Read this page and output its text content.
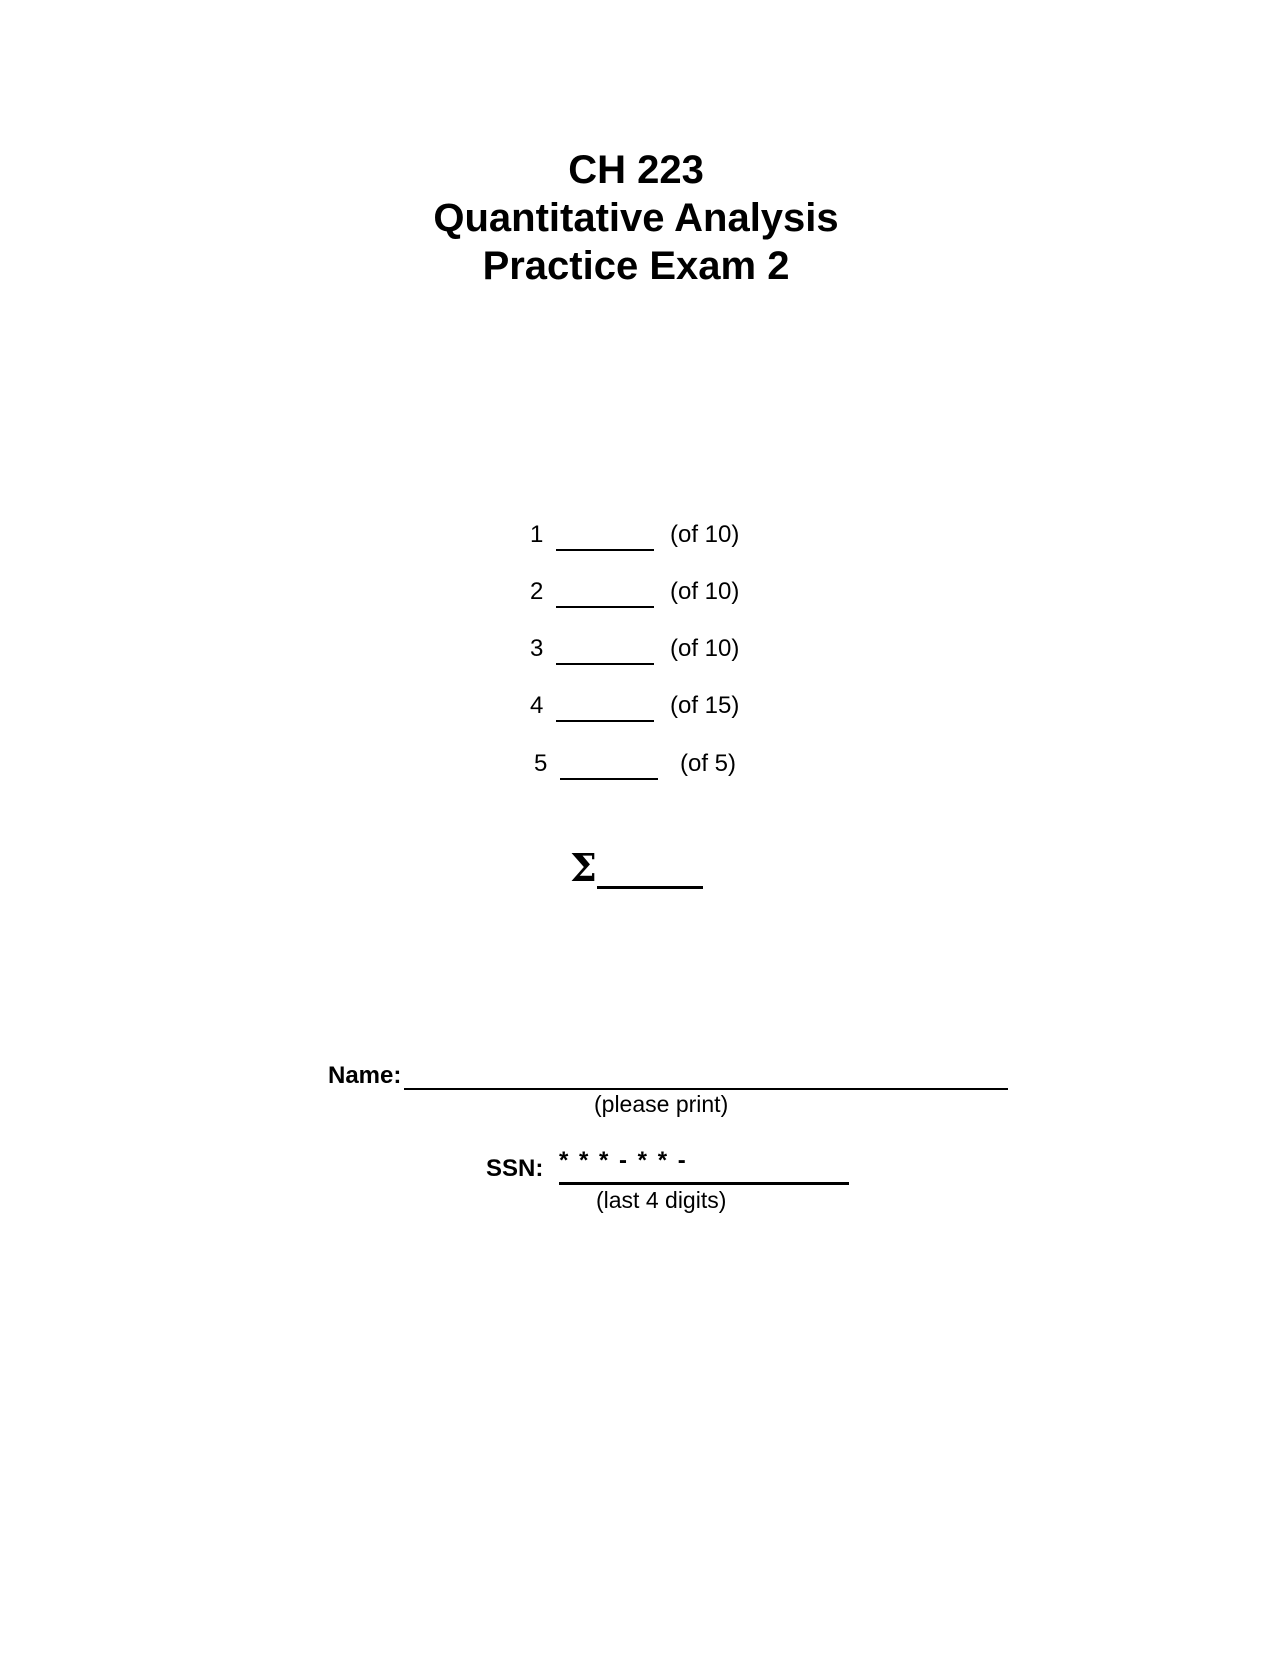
CH 223
Quantitative Analysis
Practice Exam 2
1	(of 10)
2	(of 10)
3	(of 10)
4	(of 15)
5	(of 5)
Σ
Name:
(please print)
SSN: * * * - * * -
(last 4 digits)
